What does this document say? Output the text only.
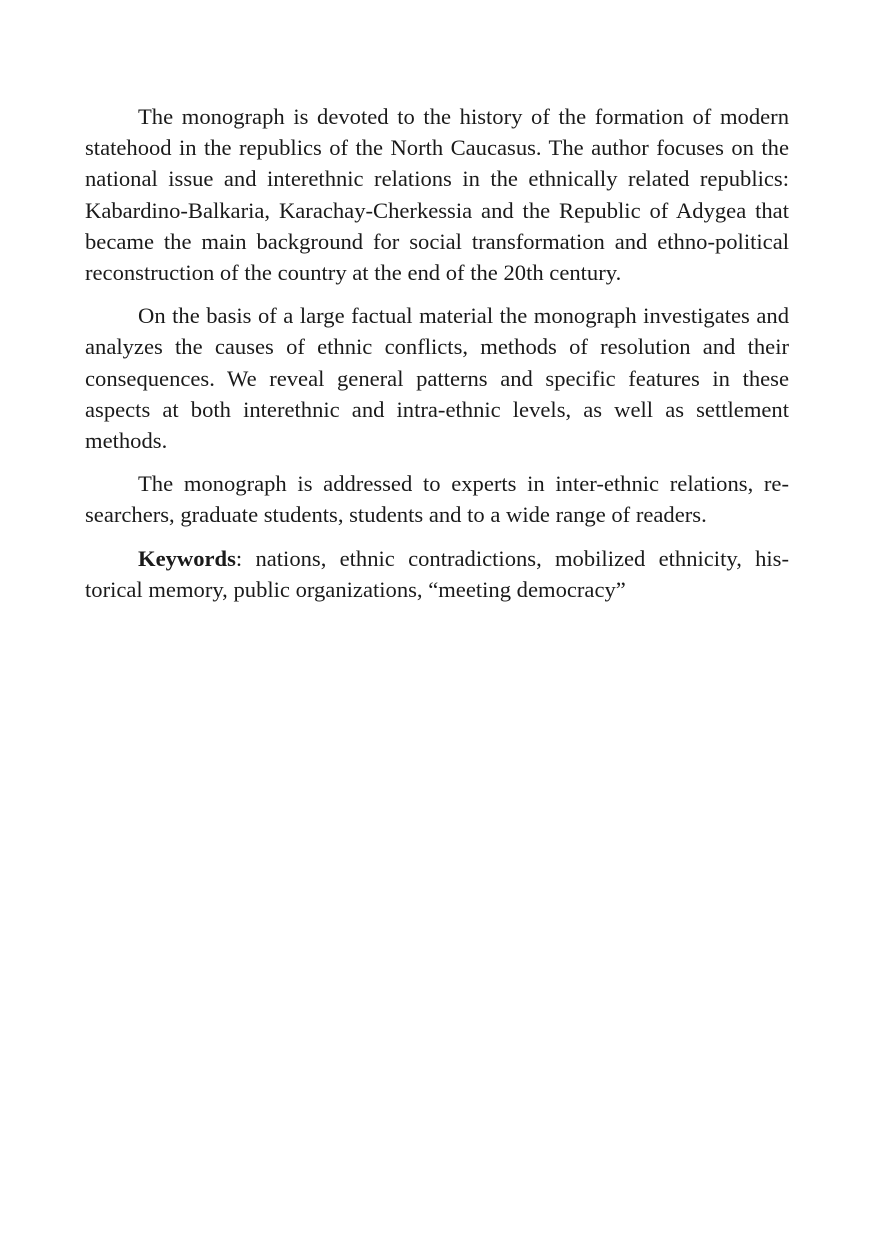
The monograph is devoted to the history of the formation of modern statehood in the republics of the North Caucasus. The author focuses on the national issue and interethnic relations in the ethnically related republics: Kabardino-Balkaria, Karachay-Cherkessia and the Republic of Adygea that became the main background for social transformation and ethno-political reconstruction of the country at the end of the 20th century.

On the basis of a large factual material the monograph investigates and analyzes the causes of ethnic conflicts, methods of resolution and their consequences. We reveal general patterns and specific features in these aspects at both interethnic and intra-ethnic levels, as well as settlement methods.

The monograph is addressed to experts in inter-ethnic relations, researchers, graduate students, students and to a wide range of readers.

Keywords: nations, ethnic contradictions, mobilized ethnicity, historical memory, public organizations, “meeting democracy”
